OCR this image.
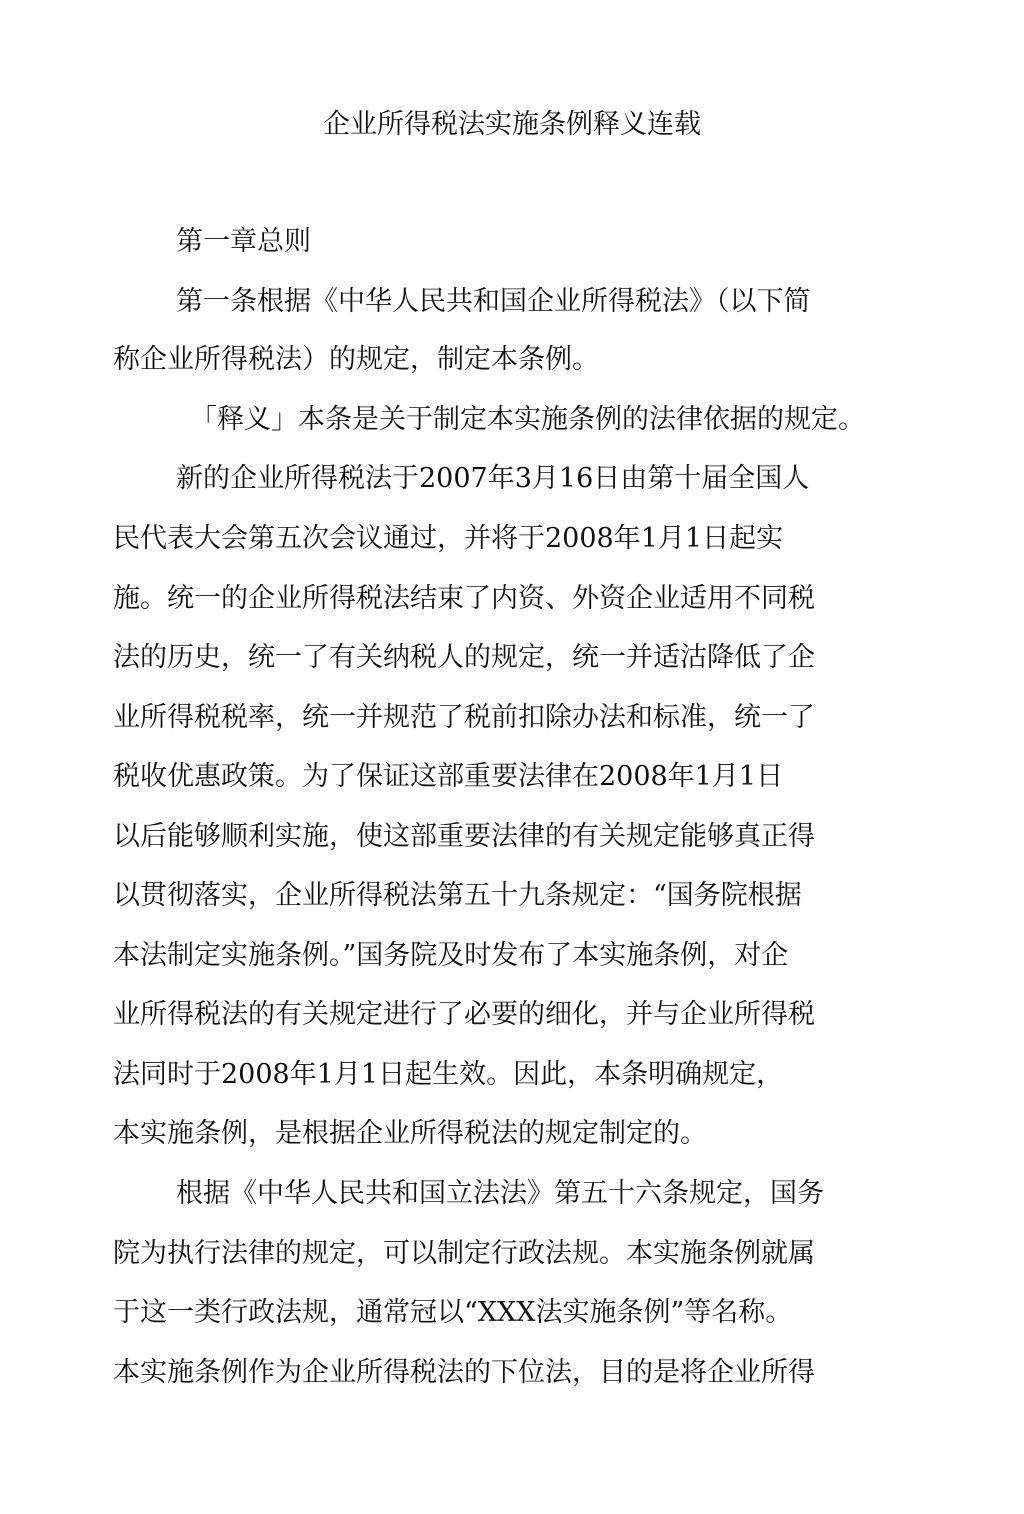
企业所得税法实施条例释义连载
第一章总则
第一条根据《中华人民共和国企业所得税法》（以下简
称企业所得税法）的规定，制定本条例。
「释义」本条是关于制定本实施条例的法律依据的规定。
新的企业所得税法于2007年3月16日由第十届全国人
民代表大会第五次会议通过，并将于2008年1月1日起实
施。统一的企业所得税法结束了内资、外资企业适用不同税
法的历史，统一了有关纳税人的规定，统一并适沽降低了企
业所得税税率，统一并规范了税前扣除办法和标准，统一了
税收优惠政策。为了保证这部重要法律在2008年1月1日
以后能够顺利实施，使这部重要法律的有关规定能够真正得
以贯彻落实，企业所得税法第五十九条规定：“国务院根据
本法制定实施条例。”国务院及时发布了本实施条例，对企
业所得税法的有关规定进行了必要的细化，并与企业所得税
法同时于2008年1月1日起生效。因此，本条明确规定，
本实施条例，是根据企业所得税法的规定制定的。
根据《中华人民共和国立法法》第五十六条规定，国务
院为执行法律的规定，可以制定行政法规。本实施条例就属
于这一类行政法规，通常冠以“XXX法实施条例”等名称。
本实施条例作为企业所得税法的下位法，目的是将企业所得
